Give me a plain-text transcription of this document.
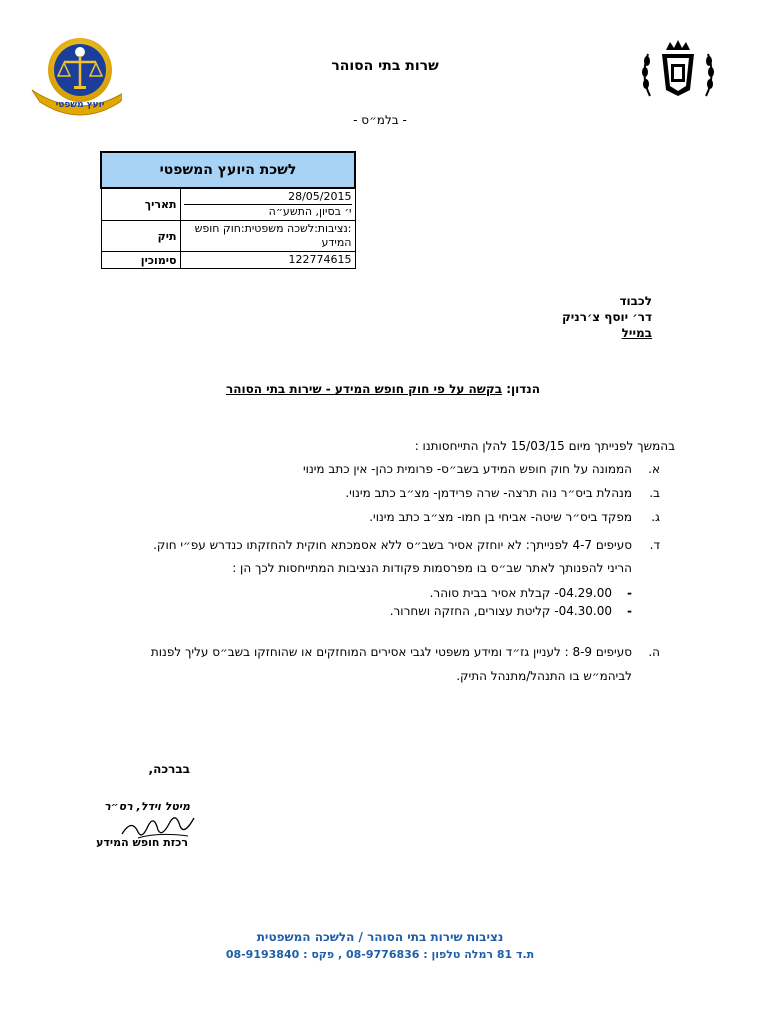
יועץ משפטי
שרות בתי הסוהר
- בלמ״ס -
לשכת היועץ המשפטי	

28/05/2015
י׳ בסיון, התשע״ה	תאריך
:נציבות:לשכה משפטית:חוק חופש המידע	תיק
122774615	סימוכין
לכבוד
דר׳ יוסף צ׳רניק
במייל
הנדון: בקשה על פי חוק חופש המידע - שירות בתי הסוהר
בהמשך לפנייתך מיום 15/03/15 להלן התייחסותנו :
א.
הממונה על חוק חופש המידע בשב״ס- פרומית כהן- אין כתב מינוי
ב.
מנהלת ביס״ר נוה תרצה- שרה פרידמן- מצ״ב כתב מינוי.
ג.
מפקד ביס״ר שיטה- אביחי בן חמו- מצ״ב כתב מינוי.
ד.
סעיפים 4-7 לפנייתך: לא יוחזק אסיר בשב״ס ללא אסמכתא חוקית להחזקתו כנדרש עפ״י חוק.
הריני להפנותך לאתר שב״ס בו מפרסמות פקודות הנציבות המתייחסות לכך הן :
-
04.29.00- קבלת אסיר בבית סוהר.
-
04.30.00- קליטת עצורים, החזקה ושחרור.
ה.
סעיפים 8-9 : לעניין גז״ד ומידע משפטי לגבי אסירים המוחזקים או שהוחזקו בשב״ס עליך לפנות לביהמ״ש בו התנהל/מתנהל התיק.
בברכה,
מיטל וידל, רס״ר
רכזת חופש המידע
נציבות שירות בתי הסוהר / הלשכה המשפטית
ת.ד 81 רמלה טלפון : 08-9776836 , פקס : 08-9193840
